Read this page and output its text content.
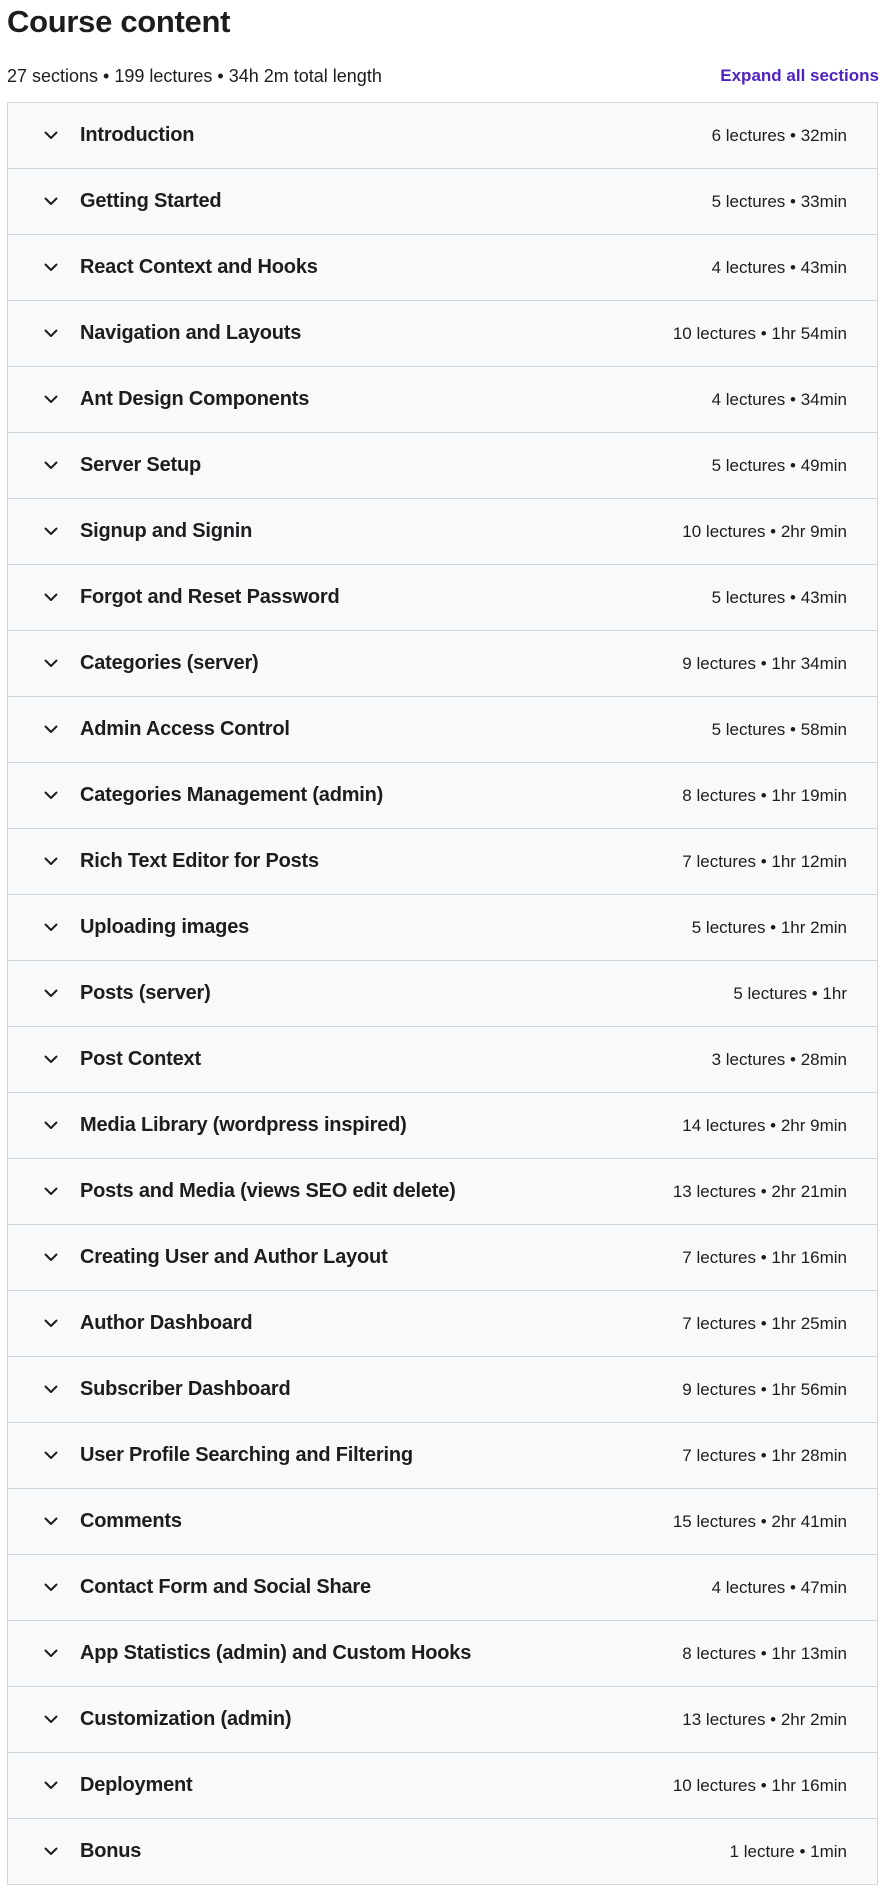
Course content
27 sections • 199 lectures • 34h 2m total length	Expand all sections
Introduction	6 lectures • 32min
Getting Started	5 lectures • 33min
React Context and Hooks	4 lectures • 43min
Navigation and Layouts	10 lectures • 1hr 54min
Ant Design Components	4 lectures • 34min
Server Setup	5 lectures • 49min
Signup and Signin	10 lectures • 2hr 9min
Forgot and Reset Password	5 lectures • 43min
Categories (server)	9 lectures • 1hr 34min
Admin Access Control	5 lectures • 58min
Categories Management (admin)	8 lectures • 1hr 19min
Rich Text Editor for Posts	7 lectures • 1hr 12min
Uploading images	5 lectures • 1hr 2min
Posts (server)	5 lectures • 1hr
Post Context	3 lectures • 28min
Media Library (wordpress inspired)	14 lectures • 2hr 9min
Posts and Media (views SEO edit delete)	13 lectures • 2hr 21min
Creating User and Author Layout	7 lectures • 1hr 16min
Author Dashboard	7 lectures • 1hr 25min
Subscriber Dashboard	9 lectures • 1hr 56min
User Profile Searching and Filtering	7 lectures • 1hr 28min
Comments	15 lectures • 2hr 41min
Contact Form and Social Share	4 lectures • 47min
App Statistics (admin) and Custom Hooks	8 lectures • 1hr 13min
Customization (admin)	13 lectures • 2hr 2min
Deployment	10 lectures • 1hr 16min
Bonus	1 lecture • 1min
